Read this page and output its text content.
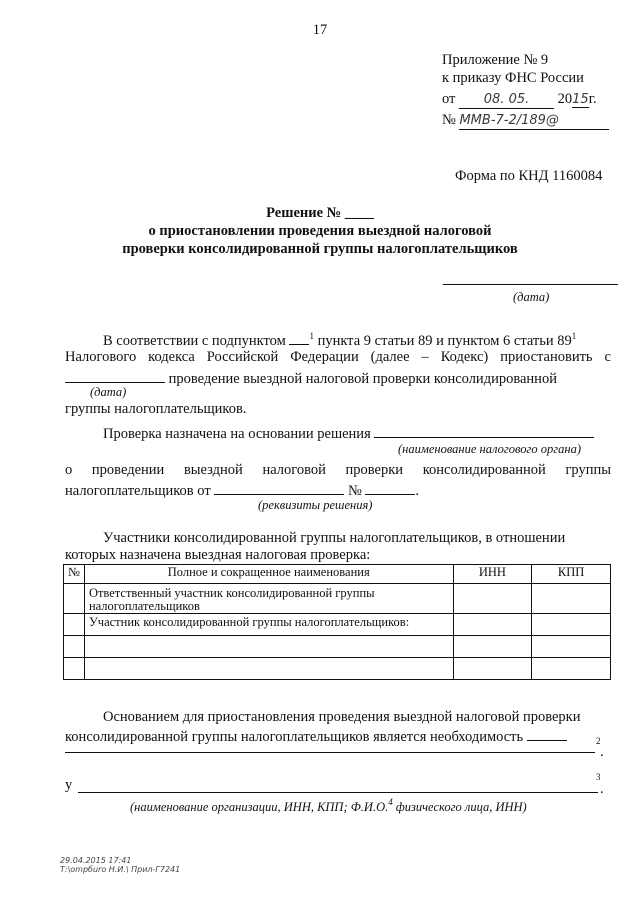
17
Приложение № 9
к приказу ФНС России
от 08. 05. 2015г.
№ ММВ-7-2/189@
Форма по КНД 1160084
Решение № ____
о приостановлении проведения выездной налоговой
проверки консолидированной группы налогоплательщиков
(дата)
В соответствии с подпунктом	$^1$ пункта 9 статьи 89 и пунктом 6 статьи $89^1$
Налогового кодекса Российской Федерации (далее – Кодекс) приостановить с
проведение выездной налоговой проверки консолидированной
(дата)
группы налогоплательщиков.
Проверка назначена на основании решения
(наименование налогового органа)
о проведении выездной налоговой проверки консолидированной группы
налогоплательщиков от	№	.
(реквизиты решения)
Участники консолидированной группы налогоплательщиков, в отношении
которых назначена выездная налоговая проверка:
№	Полное и сокращенное наименования	ИНН	КПП

	Ответственный участник консолидированной группы
налогоплательщиков		

	Участник консолидированной группы налогоплательщиков:		

Основанием для приостановления проведения выездной налоговой проверки
консолидированной группы налогоплательщиков является необходимость	2
.
у	3
.
(наименование организации, ИНН, КПП; Ф.И.О.$^4$ физического лица, ИНН)
29.04.2015 17:41
Т:\ompбuro Н.И.\ Прил-Г7241
